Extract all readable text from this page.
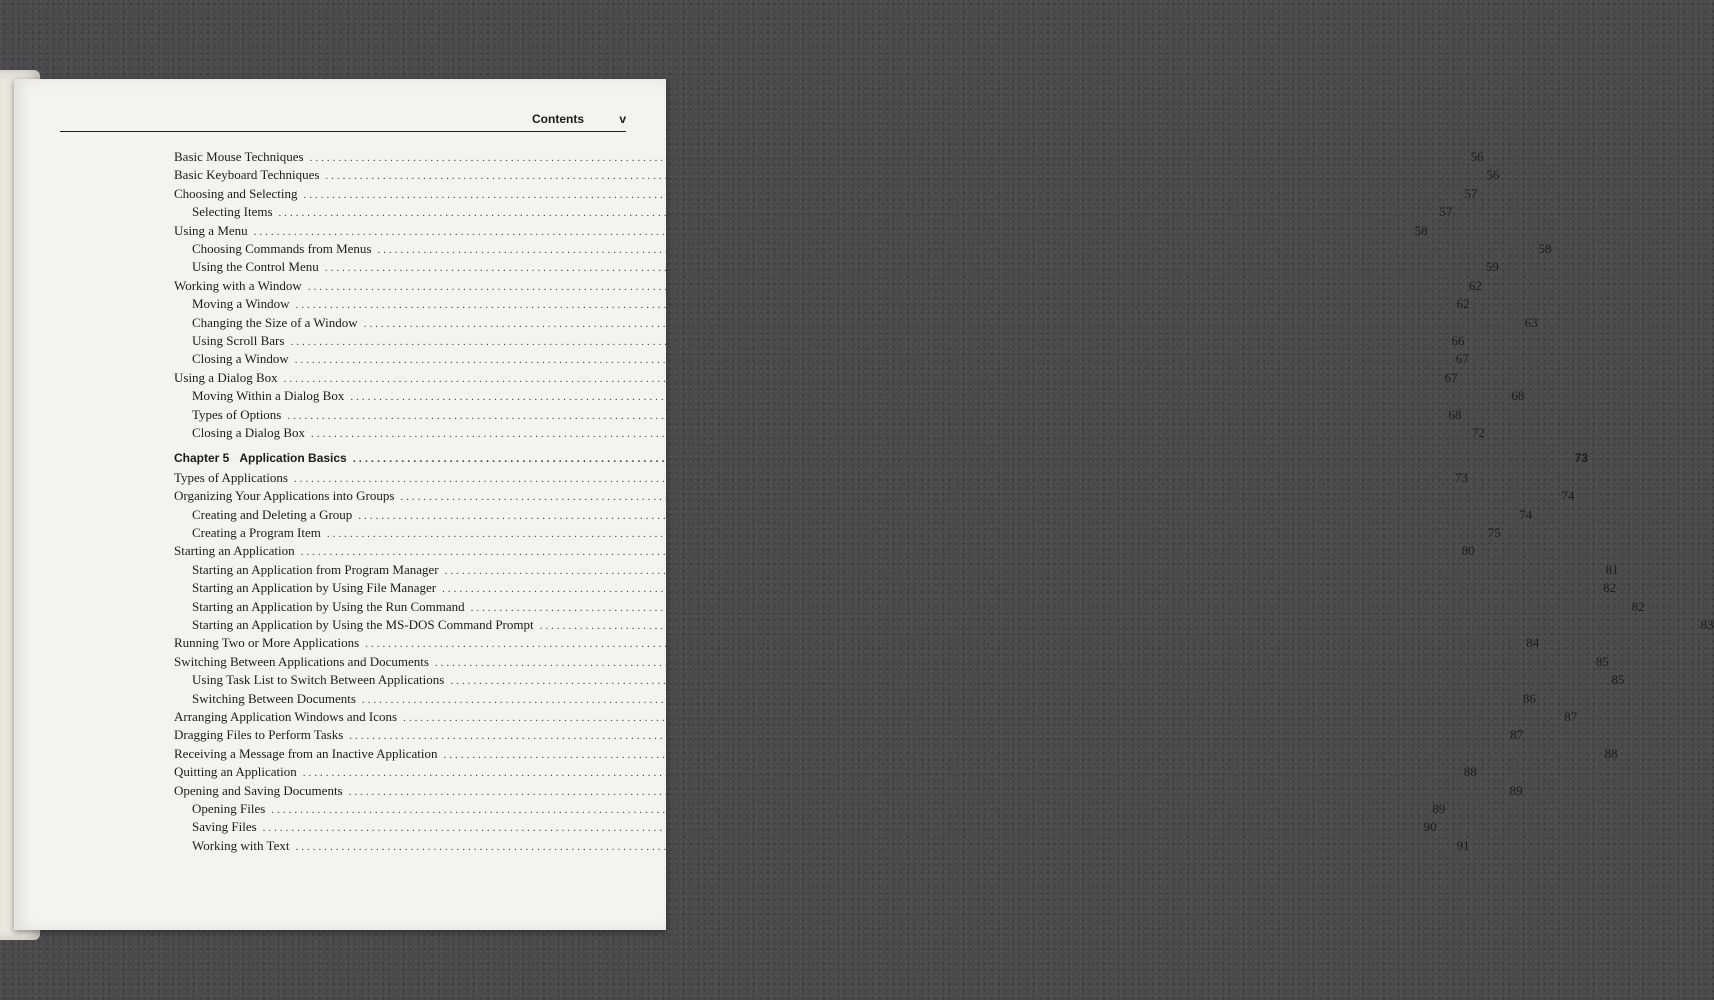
Contents	v
Basic Mouse Techniques ........................................................................................................................................................................................................ 56
Basic Keyboard Techniques ........................................................................................................................................................................................................ 56
Choosing and Selecting ........................................................................................................................................................................................................ 57
Selecting Items ........................................................................................................................................................................................................ 57
Using a Menu ........................................................................................................................................................................................................ 58
Choosing Commands from Menus ........................................................................................................................................................................................................ 58
Using the Control Menu ........................................................................................................................................................................................................ 59
Working with a Window ........................................................................................................................................................................................................ 62
Moving a Window ........................................................................................................................................................................................................ 62
Changing the Size of a Window ........................................................................................................................................................................................................ 63
Using Scroll Bars ........................................................................................................................................................................................................ 66
Closing a Window ........................................................................................................................................................................................................ 67
Using a Dialog Box ........................................................................................................................................................................................................ 67
Moving Within a Dialog Box ........................................................................................................................................................................................................ 68
Types of Options ........................................................................................................................................................................................................ 68
Closing a Dialog Box ........................................................................................................................................................................................................ 72
Chapter 5 Application Basics ........................................................................................................................................................................................................ 73
Types of Applications ........................................................................................................................................................................................................ 73
Organizing Your Applications into Groups ........................................................................................................................................................................................................ 74
Creating and Deleting a Group ........................................................................................................................................................................................................ 74
Creating a Program Item ........................................................................................................................................................................................................ 75
Starting an Application ........................................................................................................................................................................................................ 80
Starting an Application from Program Manager ........................................................................................................................................................................................................ 81
Starting an Application by Using File Manager ........................................................................................................................................................................................................ 82
Starting an Application by Using the Run Command ........................................................................................................................................................................................................ 82
Starting an Application by Using the MS-DOS Command Prompt ........................................................................................................................................................................................................ 83
Running Two or More Applications ........................................................................................................................................................................................................ 84
Switching Between Applications and Documents ........................................................................................................................................................................................................ 85
Using Task List to Switch Between Applications ........................................................................................................................................................................................................ 85
Switching Between Documents ........................................................................................................................................................................................................ 86
Arranging Application Windows and Icons ........................................................................................................................................................................................................ 87
Dragging Files to Perform Tasks ........................................................................................................................................................................................................ 87
Receiving a Message from an Inactive Application ........................................................................................................................................................................................................ 88
Quitting an Application ........................................................................................................................................................................................................ 88
Opening and Saving Documents ........................................................................................................................................................................................................ 89
Opening Files ........................................................................................................................................................................................................ 89
Saving Files ........................................................................................................................................................................................................ 90
Working with Text ........................................................................................................................................................................................................ 91
